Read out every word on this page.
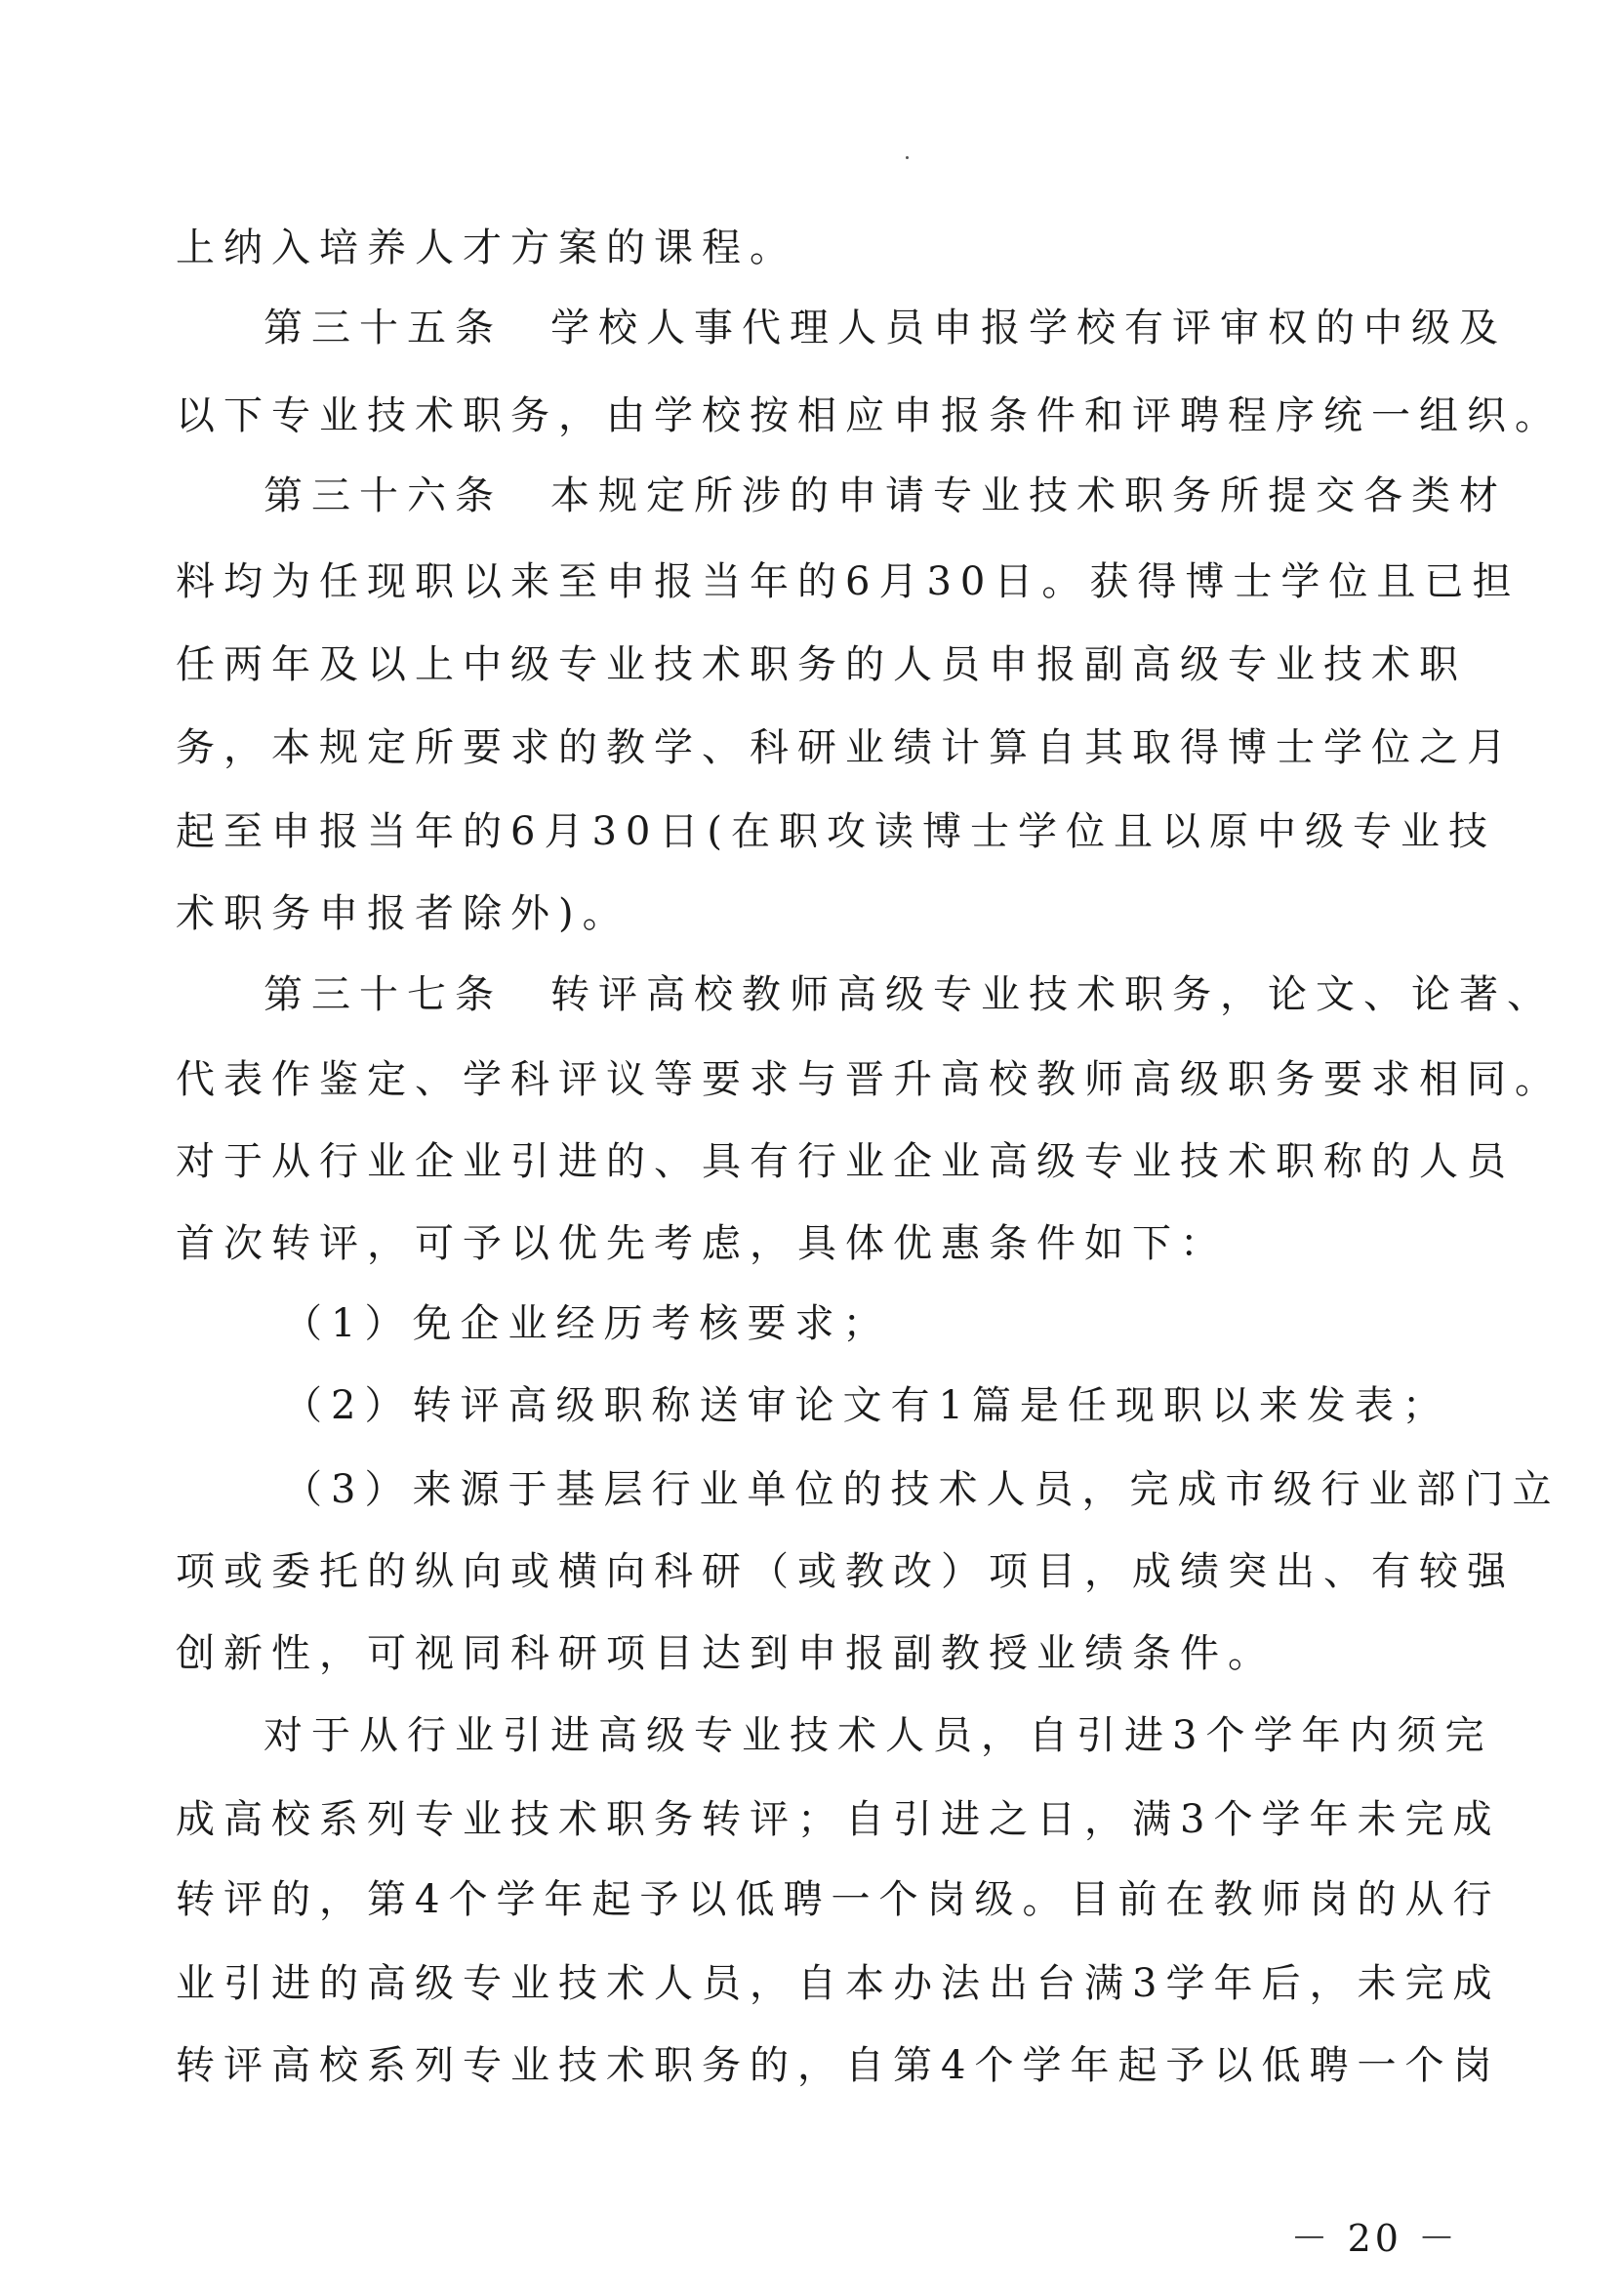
上纳入培养人才方案的课程。
第三十五条　学校人事代理人员申报学校有评审权的中级及
以下专业技术职务，由学校按相应申报条件和评聘程序统一组织。
第三十六条　本规定所涉的申请专业技术职务所提交各类材
料均为任现职以来至申报当年的6月30日。获得博士学位且已担
任两年及以上中级专业技术职务的人员申报副高级专业技术职
务，本规定所要求的教学、科研业绩计算自其取得博士学位之月
起至申报当年的6月30日(在职攻读博士学位且以原中级专业技
术职务申报者除外)。
第三十七条　转评高校教师高级专业技术职务，论文、论著、
代表作鉴定、学科评议等要求与晋升高校教师高级职务要求相同。
对于从行业企业引进的、具有行业企业高级专业技术职称的人员
首次转评，可予以优先考虑，具体优惠条件如下：
（1）免企业经历考核要求；
（2）转评高级职称送审论文有1篇是任现职以来发表；
（3）来源于基层行业单位的技术人员，完成市级行业部门立
项或委托的纵向或横向科研（或教改）项目，成绩突出、有较强
创新性，可视同科研项目达到申报副教授业绩条件。
对于从行业引进高级专业技术人员，自引进3个学年内须完
成高校系列专业技术职务转评；自引进之日，满3个学年未完成
转评的，第4个学年起予以低聘一个岗级。目前在教师岗的从行
业引进的高级专业技术人员，自本办法出台满3学年后，未完成
转评高校系列专业技术职务的，自第4个学年起予以低聘一个岗
－ 20 －
